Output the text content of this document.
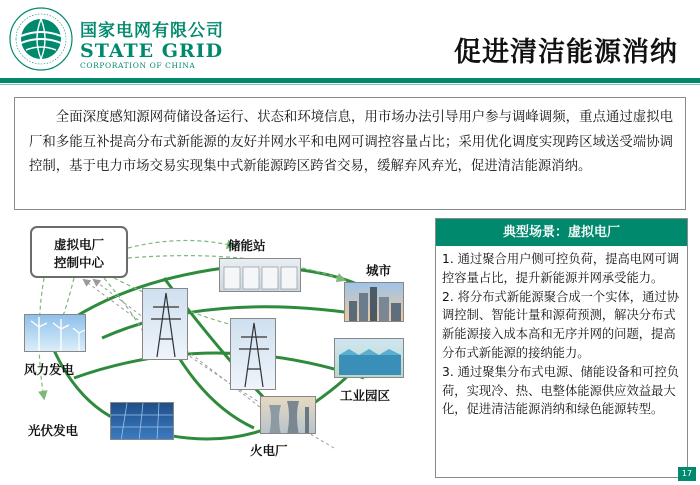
国家电网有限公司
STATE GRID
CORPORATION OF CHINA	促进清洁能源消纳
全面深度感知源网荷储设备运行、状态和环境信息，用市场办法引导用户参与调峰调频，重点通过虚拟电厂和多能互补提高分布式新能源的友好并网水平和电网可调控容量占比；采用优化调度实现跨区域送受端协调控制，基于电力市场交易实现集中式新能源跨区跨省交易，缓解弃风弃光，促进清洁能源消纳。
虚拟电厂
控制中心
储能站
城市
风力发电
工业园区
光伏发电
火电厂
典型场景：虚拟电厂

1. 通过聚合用户侧可控负荷，提高电网可调控容量占比，提升新能源并网承受能力。

2. 将分布式新能源聚合成一个实体，通过协调控制、智能计量和源荷预测，解决分布式新能源接入成本高和无序并网的问题，提高分布式新能源的接纳能力。

3. 通过聚集分布式电源、储能设备和可控负荷，实现冷、热、电整体能源供应效益最大化，促进清洁能源消纳和绿色能源转型。

17
